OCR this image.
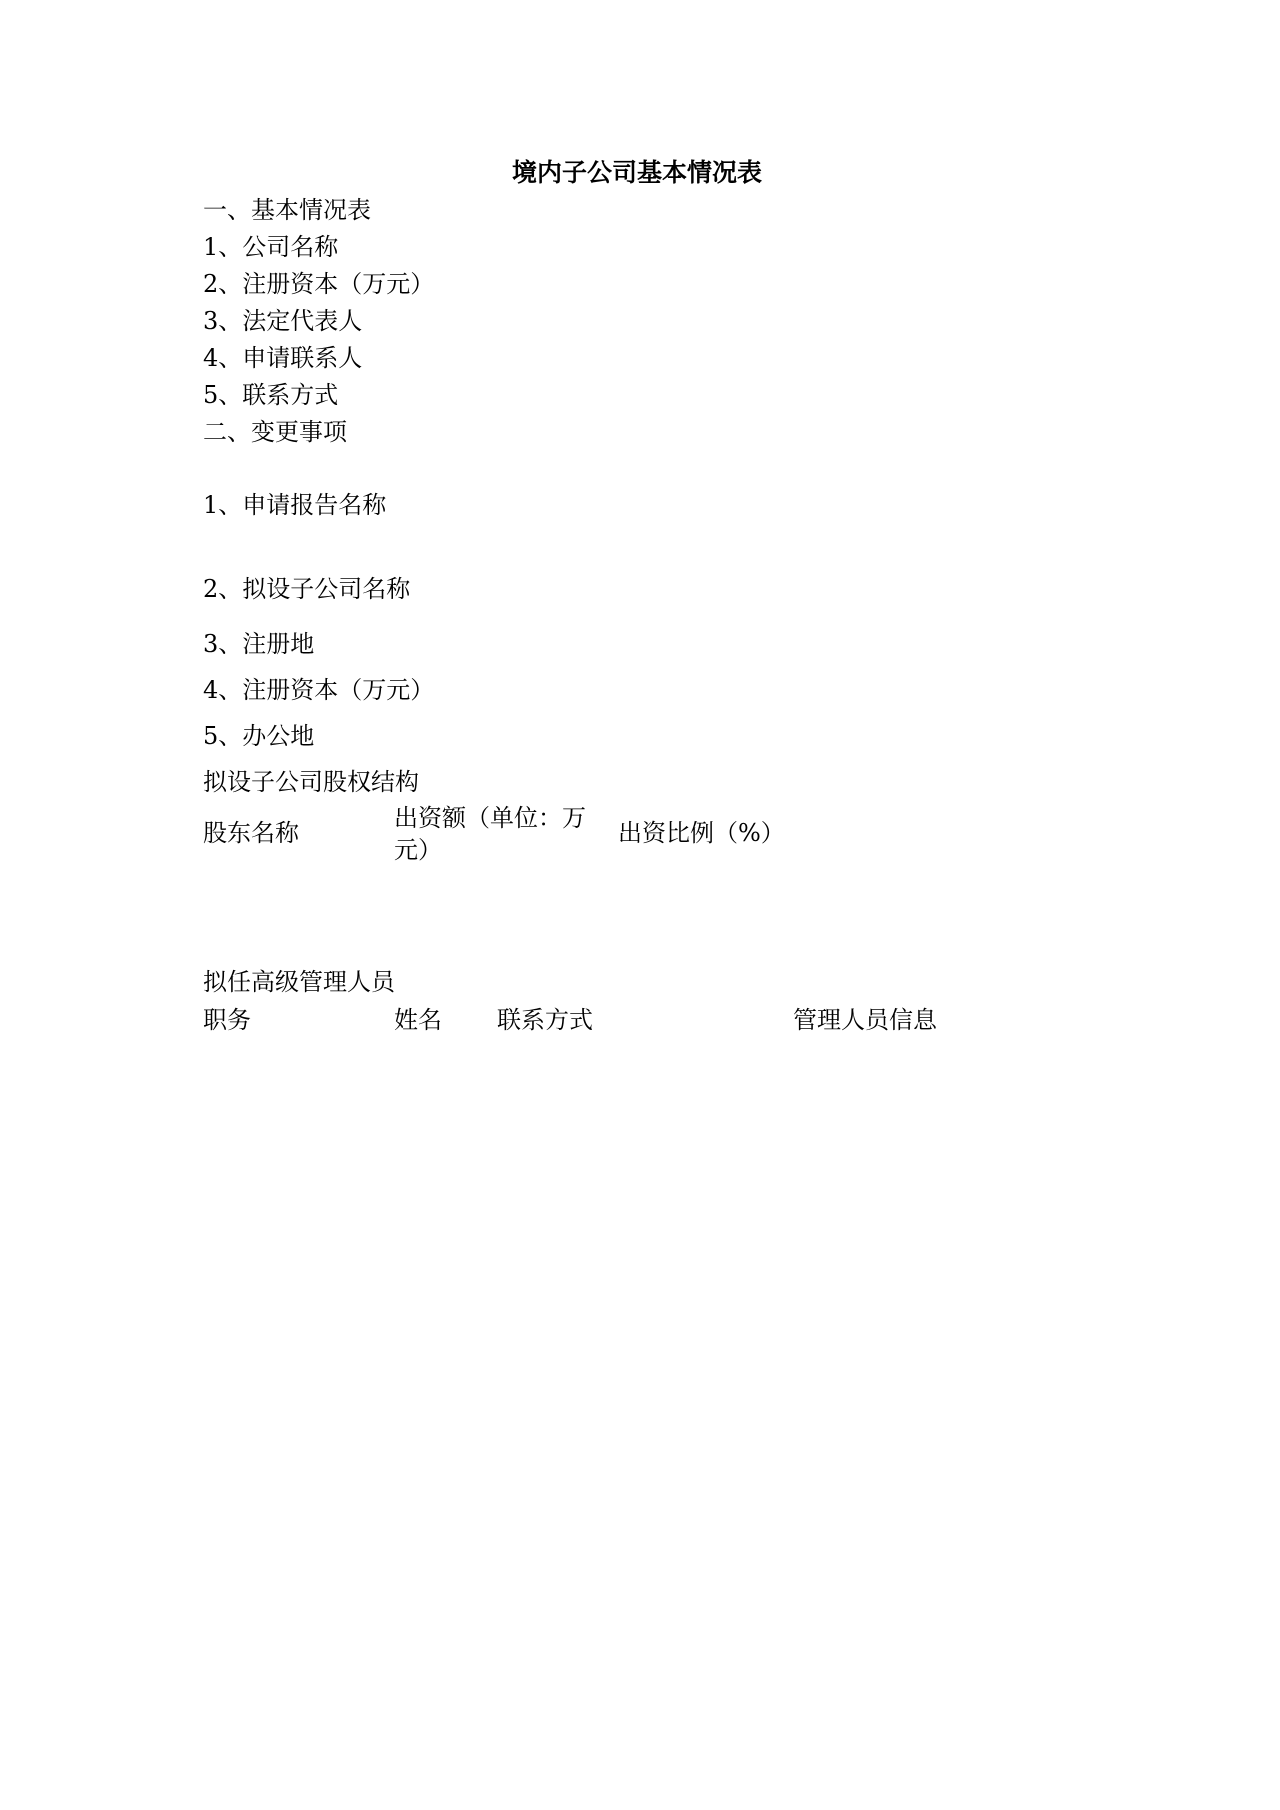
境内子公司基本情况表

一、基本情况表

1、公司名称

2、注册资本（万元）

3、法定代表人

4、申请联系人

5、联系方式

二、变更事项

1、申请报告名称

2、拟设子公司名称

3、注册地

4、注册资本（万元）

5、办公地

拟设子公司股权结构

股东名称

出资额（单位：万元）

出资比例（%）

拟任高级管理人员

职务	姓名 联系方式	管理人员信息
